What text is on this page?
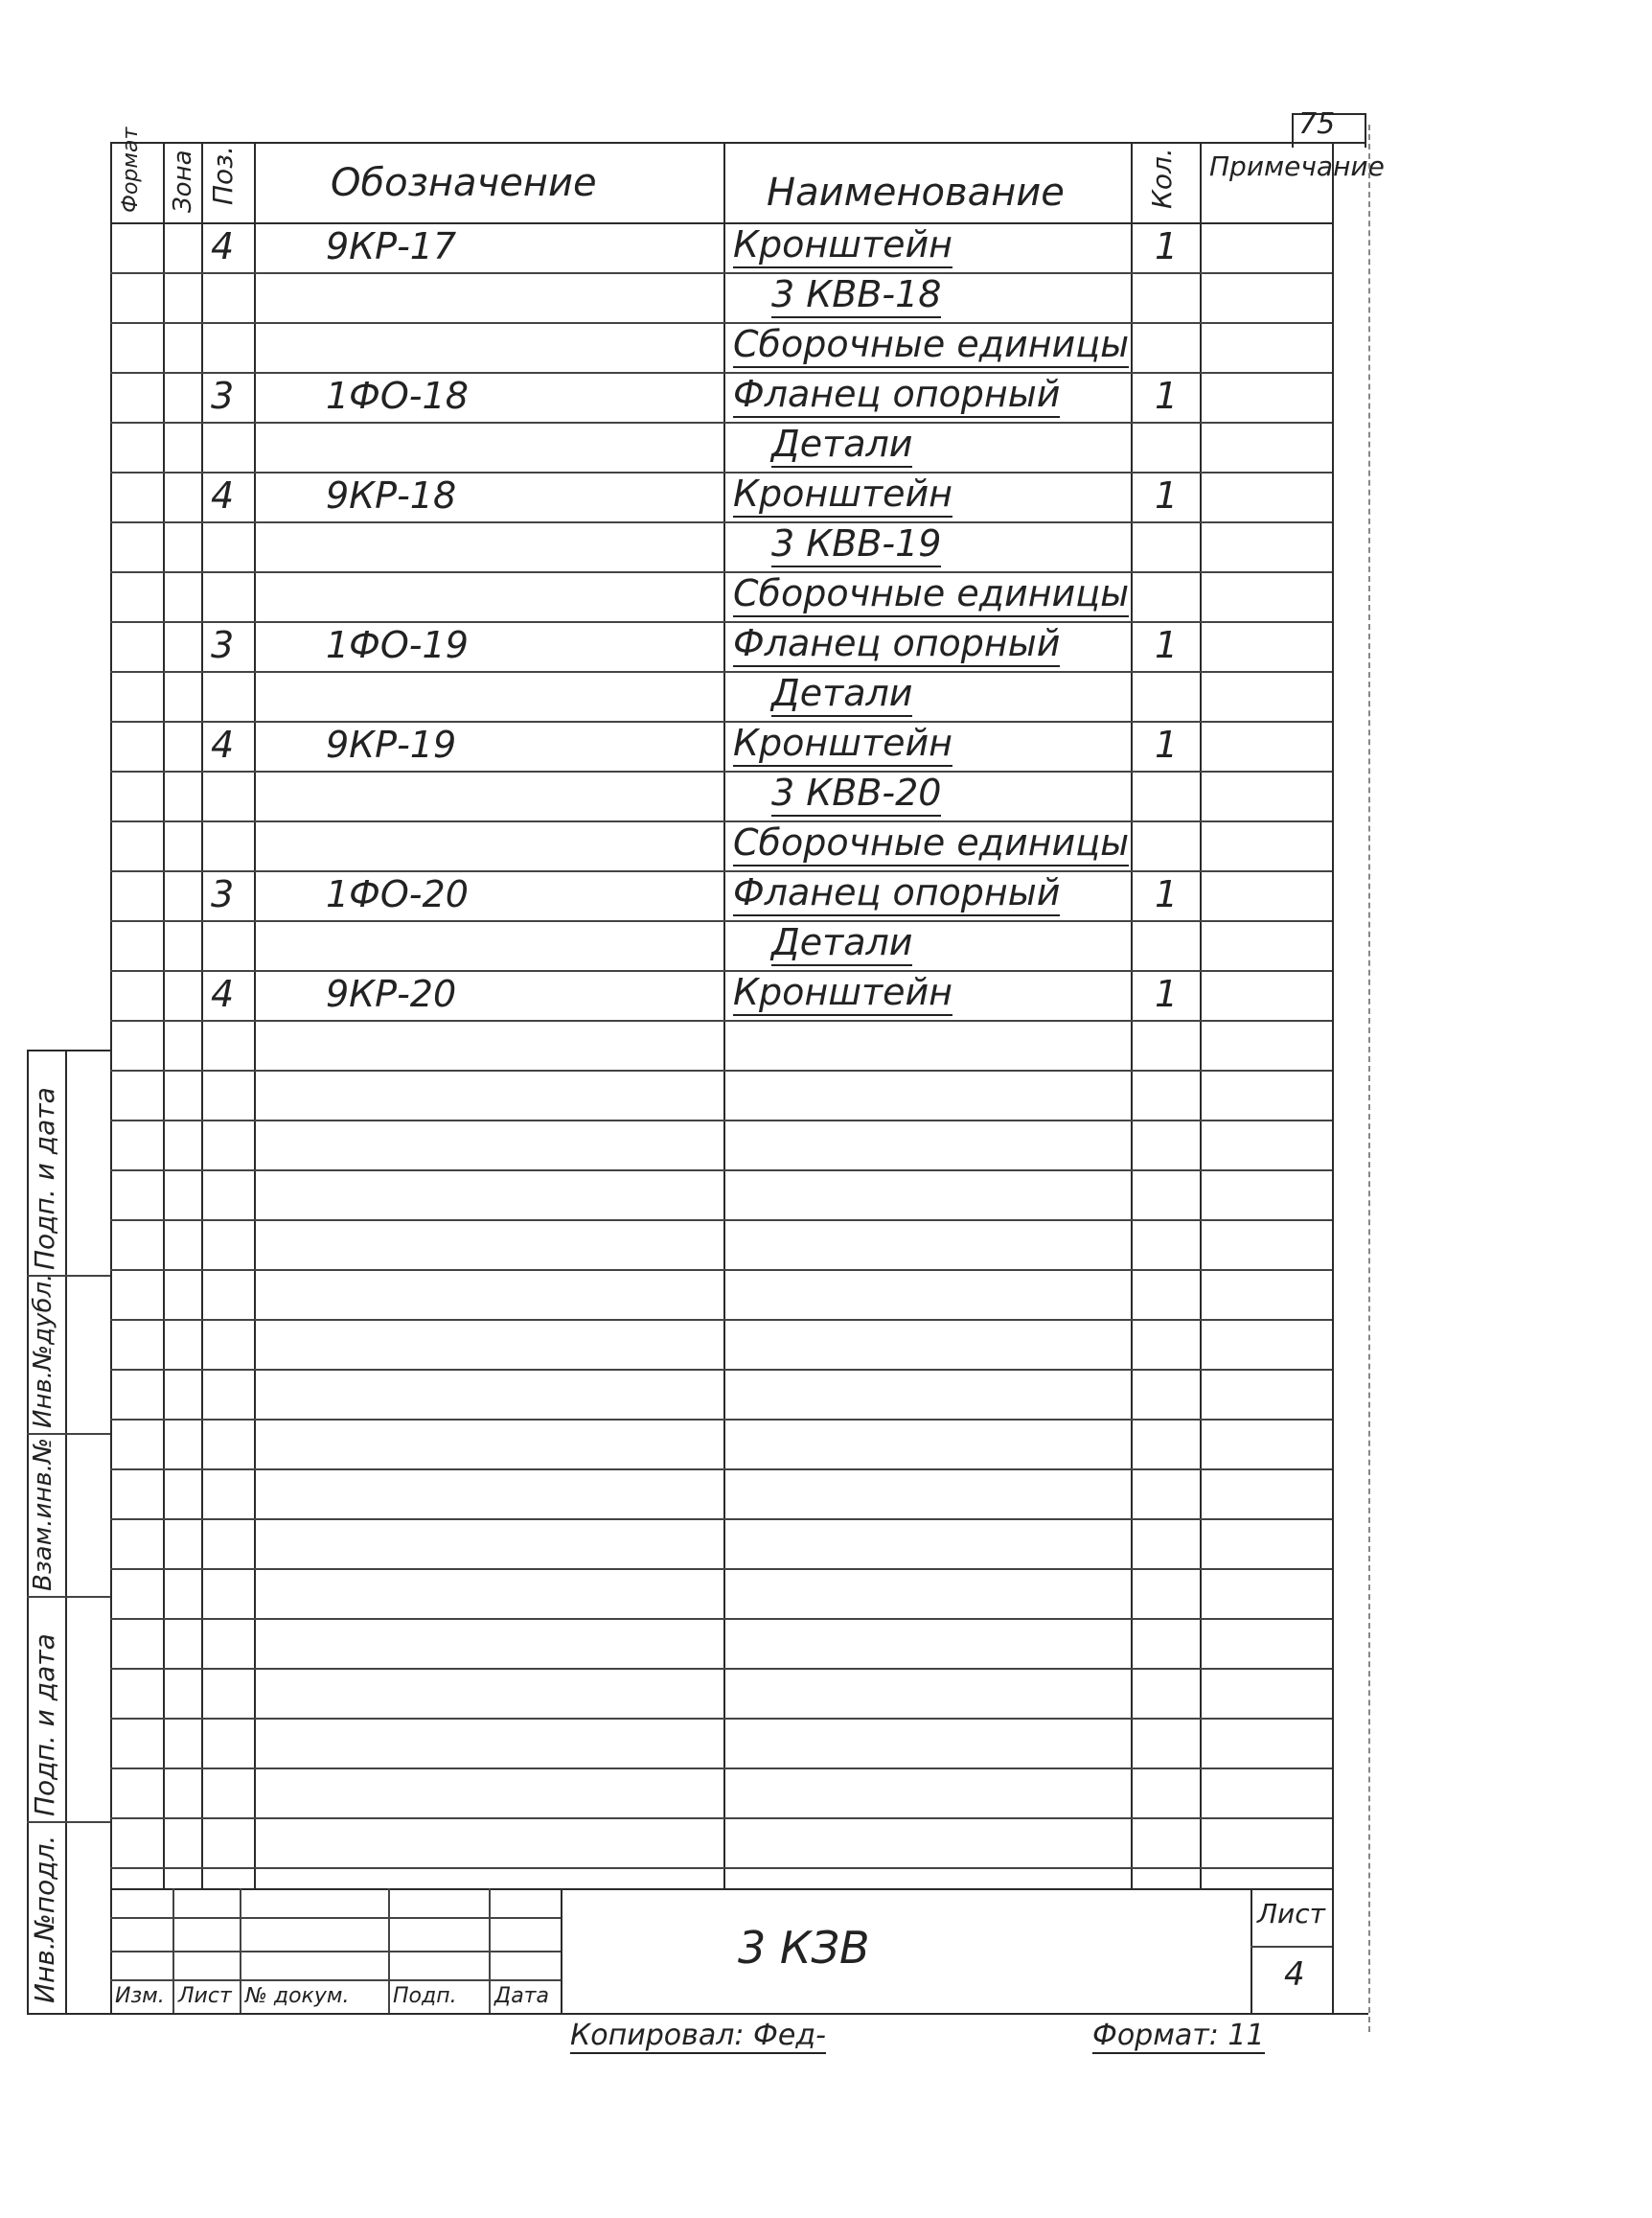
75
Формат Зона Поз. Обозначение	Наименование	Кол. Примечание
4	9КР-17	Кронштейн	1
3 КВВ-18
Сборочные единицы
3	1ФО-18	Фланец опорный	1
Детали
4	9КР-18	Кронштейн	1
3 КВВ-19
Сборочные единицы
3	1ФО-19	Фланец опорный	1
Детали
4	9КР-19	Кронштейн	1
3 КВВ-20
Сборочные единицы
3	1ФО-20	Фланец опорный	1
Детали
4	9КР-20	Кронштейн	1
Инв.№подл.
Подп. и дата
Взам.инв.№
Инв.№дубл.
Подп. и дата
Изм. Лист № докум. Подп. Дата
3 КЗВ
Лист
4
Копировал: Фед-	Формат: 11
